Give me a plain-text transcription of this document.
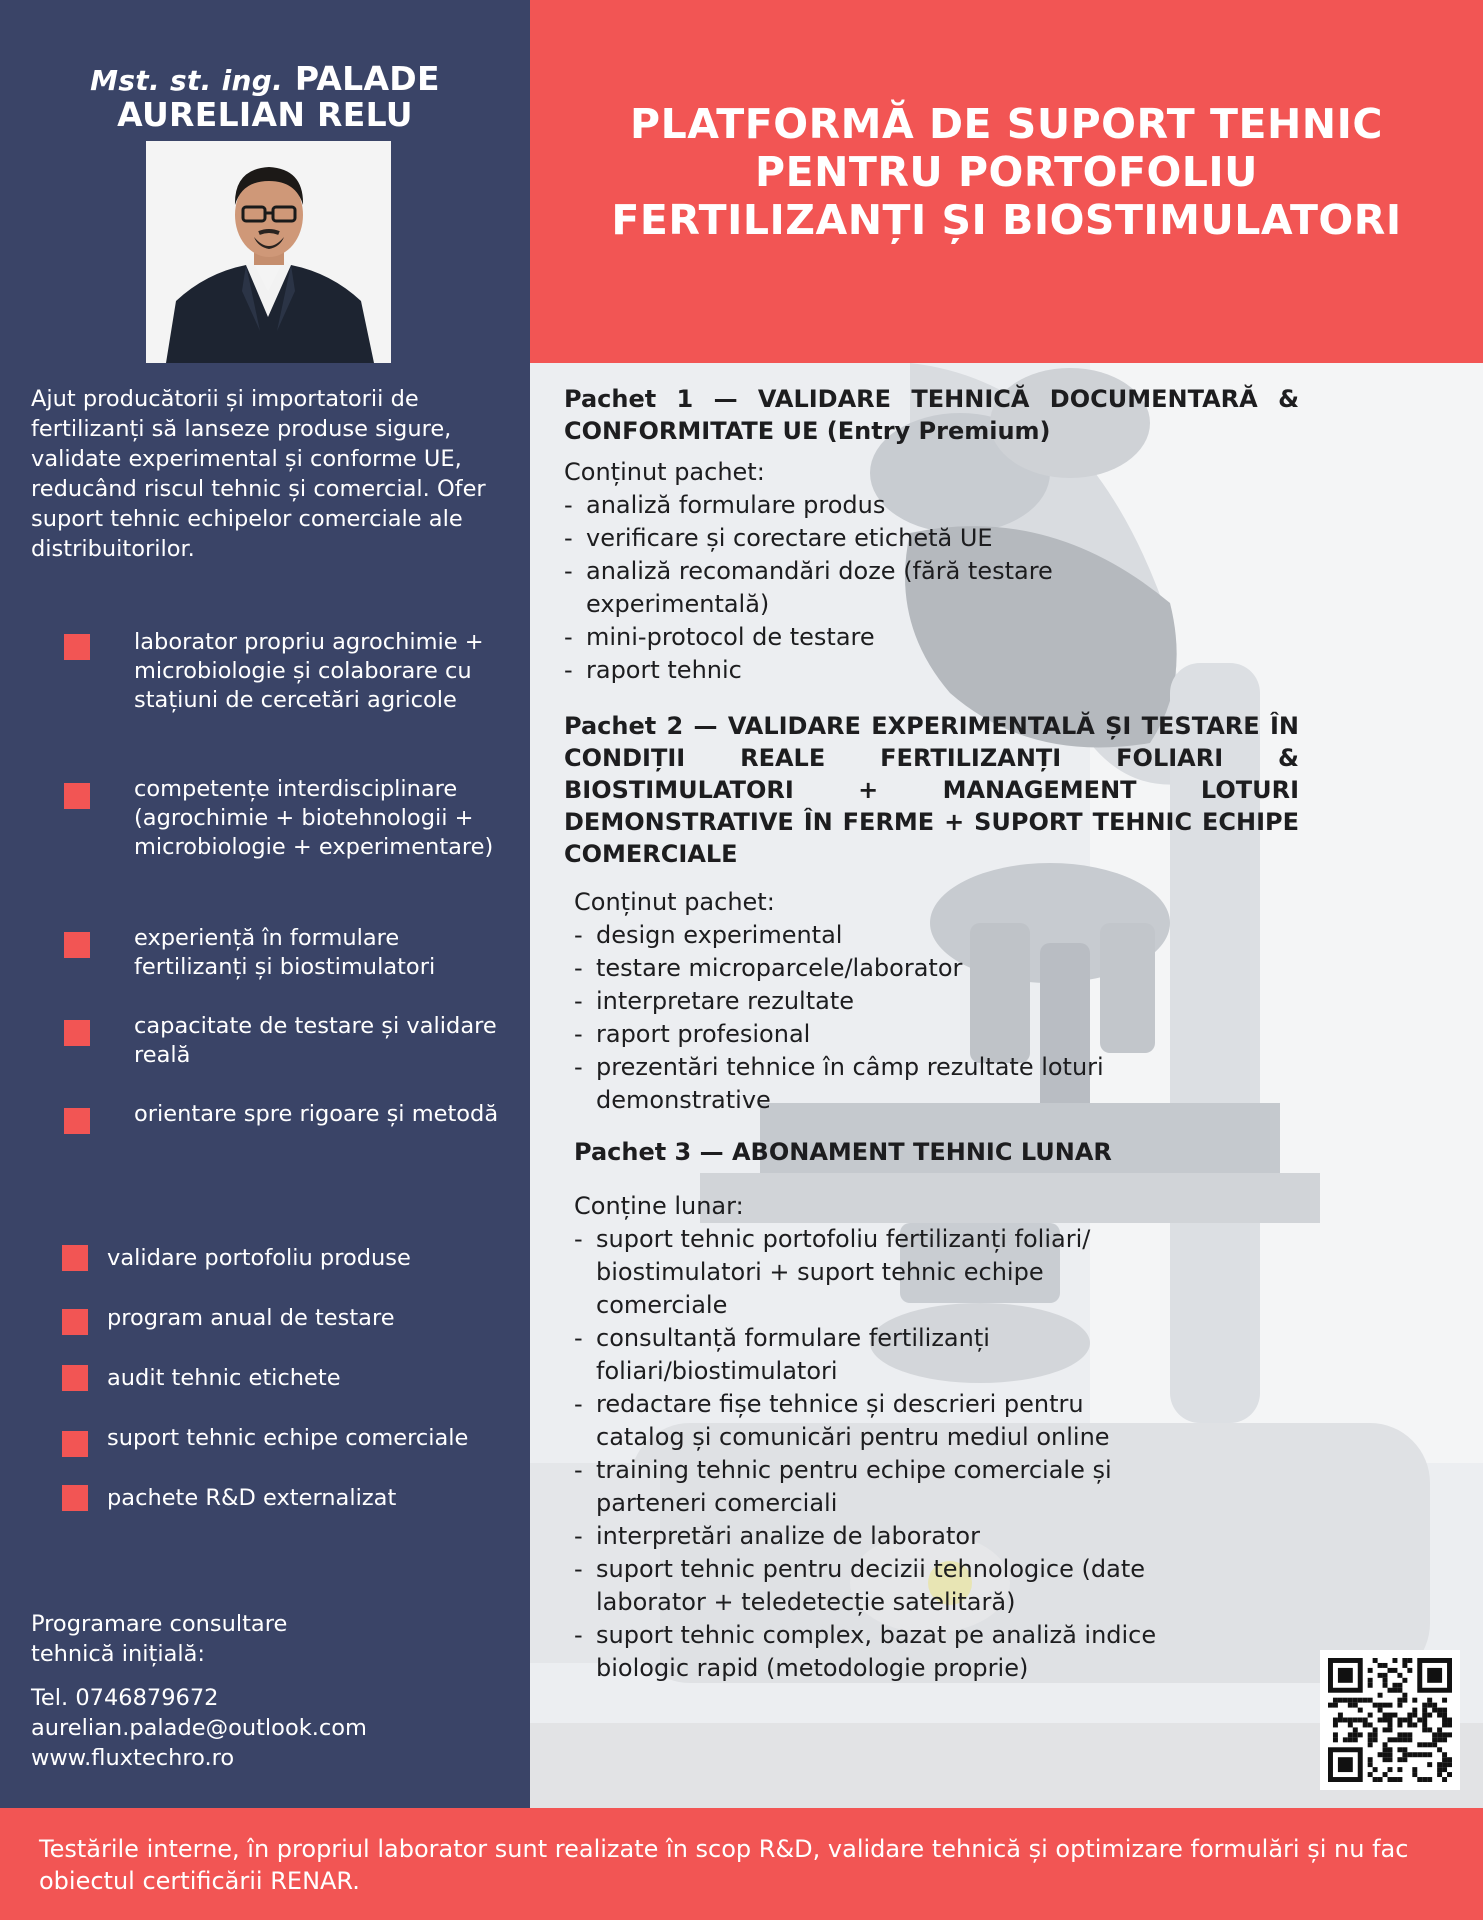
Mst. st. ing. PALADE
AURELIAN RELU

Ajut producătorii și importatorii de fertilizanți să lanseze produse sigure, validate experimental și conforme UE, reducând riscul tehnic și comercial. Ofer suport tehnic echipelor comerciale ale distribuitorilor.

laborator propriu agrochimie + microbiologie și colaborare cu stațiuni de cercetări agricole
competențe interdisciplinare (agrochimie + biotehnologii + microbiologie + experimentare)
experiență în formulare fertilizanți și biostimulatori
capacitate de testare și validare reală
orientare spre rigoare și metodă
validare portofoliu produse
program anual de testare
audit tehnic etichete
suport tehnic echipe comerciale
pachete R&D externalizat

Programare consultare tehnică inițială:

Tel. 0746879672

aurelian.palade@outlook.com

www.fluxtechro.ro

PLATFORMĂ DE SUPORT TEHNIC
PENTRU PORTOFOLIU
FERTILIZANȚI ȘI BIOSTIMULATORI

Pachet 1 — VALIDARE TEHNICĂ DOCUMENTARĂ & CONFORMITATE UE (Entry Premium)

Conținut pachet:

- analiză formulare produs
- verificare și corectare etichetă UE
- analiză recomandări doze (fără testare experimentală)
- mini-protocol de testare
- raport tehnic

Pachet 2 — VALIDARE EXPERIMENTALĂ ȘI TESTARE ÎN CONDIȚII REALE FERTILIZANȚI FOLIARI & BIOSTIMULATORI + MANAGEMENT LOTURI DEMONSTRATIVE ÎN FERME + SUPORT TEHNIC ECHIPE COMERCIALE

Conținut pachet:

- design experimental
- testare microparcele/laborator
- interpretare rezultate
- raport profesional
- prezentări tehnice în câmp rezultate loturi demonstrative

Pachet 3 — ABONAMENT TEHNIC LUNAR

Conține lunar:

- suport tehnic portofoliu fertilizanți foliari/ biostimulatori + suport tehnic echipe comerciale
- consultanță formulare fertilizanți foliari/biostimulatori
- redactare fișe tehnice și descrieri pentru catalog și comunicări pentru mediul online
- training tehnic pentru echipe comerciale și parteneri comerciali
- interpretări analize de laborator
- suport tehnic pentru decizii tehnologice (date laborator + teledetecție satelitară)
- suport tehnic complex, bazat pe analiză indice biologic rapid (metodologie proprie)

Testările interne, în propriul laborator sunt realizate în scop R&D, validare tehnică și optimizare formulări și nu fac obiectul certificării RENAR.
